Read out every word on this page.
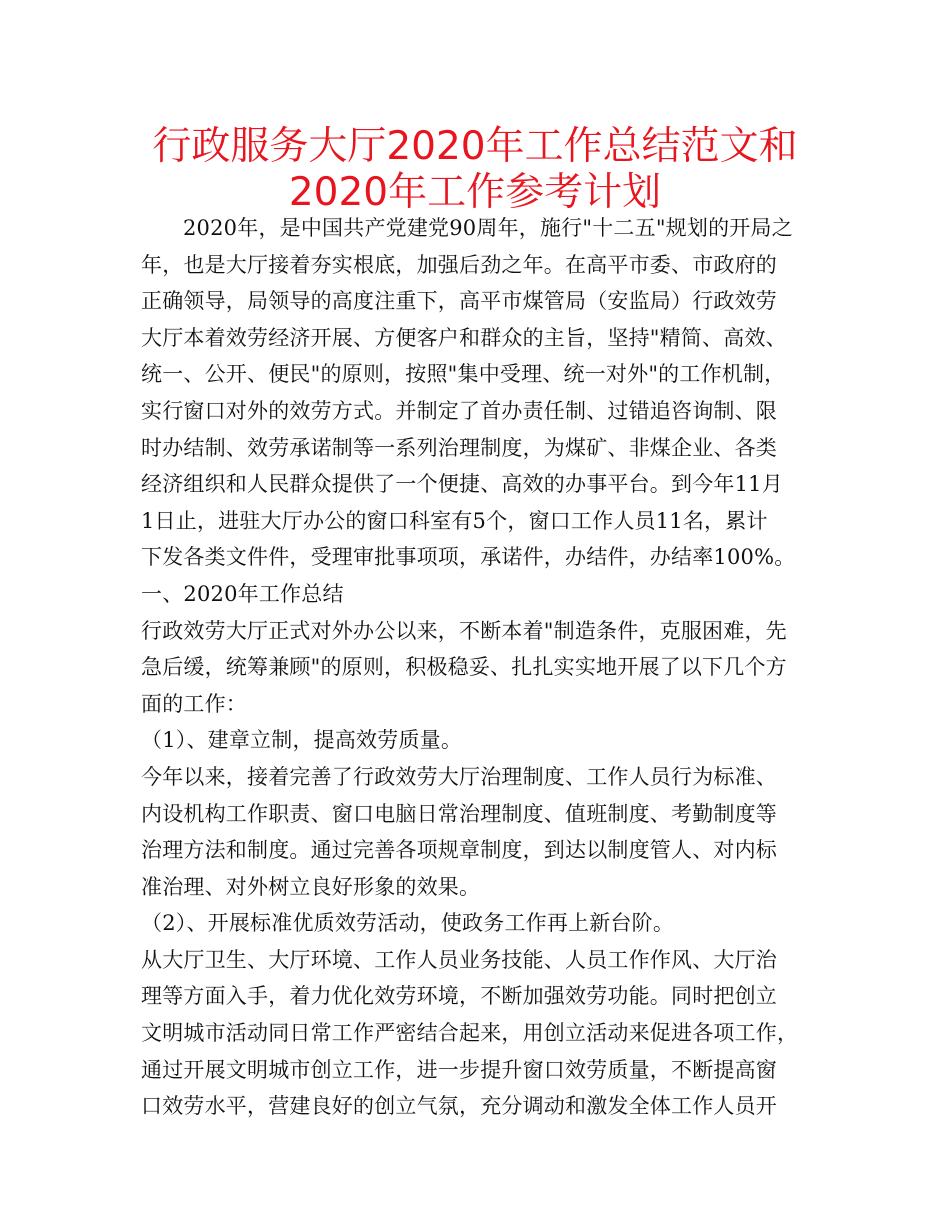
行政服务大厅2020年工作总结范文和
2020年工作参考计划
2020年，是中国共产党建党90周年，施行"十二五"规划的开局之
年，也是大厅接着夯实根底，加强后劲之年。在高平市委、市政府的
正确领导，局领导的高度注重下，高平市煤管局（安监局）行政效劳
大厅本着效劳经济开展、方便客户和群众的主旨，坚持"精简、高效、
统一、公开、便民"的原则，按照"集中受理、统一对外"的工作机制，
实行窗口对外的效劳方式。并制定了首办责任制、过错追咨询制、限
时办结制、效劳承诺制等一系列治理制度，为煤矿、非煤企业、各类
经济组织和人民群众提供了一个便捷、高效的办事平台。到今年11月
1日止，进驻大厅办公的窗口科室有5个，窗口工作人员11名，累计
下发各类文件件，受理审批事项项，承诺件，办结件，办结率100%。
一、2020年工作总结
行政效劳大厅正式对外办公以来，不断本着"制造条件，克服困难，先
急后缓，统筹兼顾"的原则，积极稳妥、扎扎实实地开展了以下几个方
面的工作：
（1）、建章立制，提高效劳质量。
今年以来，接着完善了行政效劳大厅治理制度、工作人员行为标准、
内设机构工作职责、窗口电脑日常治理制度、值班制度、考勤制度等
治理方法和制度。通过完善各项规章制度，到达以制度管人、对内标
准治理、对外树立良好形象的效果。
（2）、开展标准优质效劳活动，使政务工作再上新台阶。
从大厅卫生、大厅环境、工作人员业务技能、人员工作作风、大厅治
理等方面入手，着力优化效劳环境，不断加强效劳功能。同时把创立
文明城市活动同日常工作严密结合起来，用创立活动来促进各项工作，
通过开展文明城市创立工作，进一步提升窗口效劳质量，不断提高窗
口效劳水平，营建良好的创立气氛，充分调动和激发全体工作人员开
